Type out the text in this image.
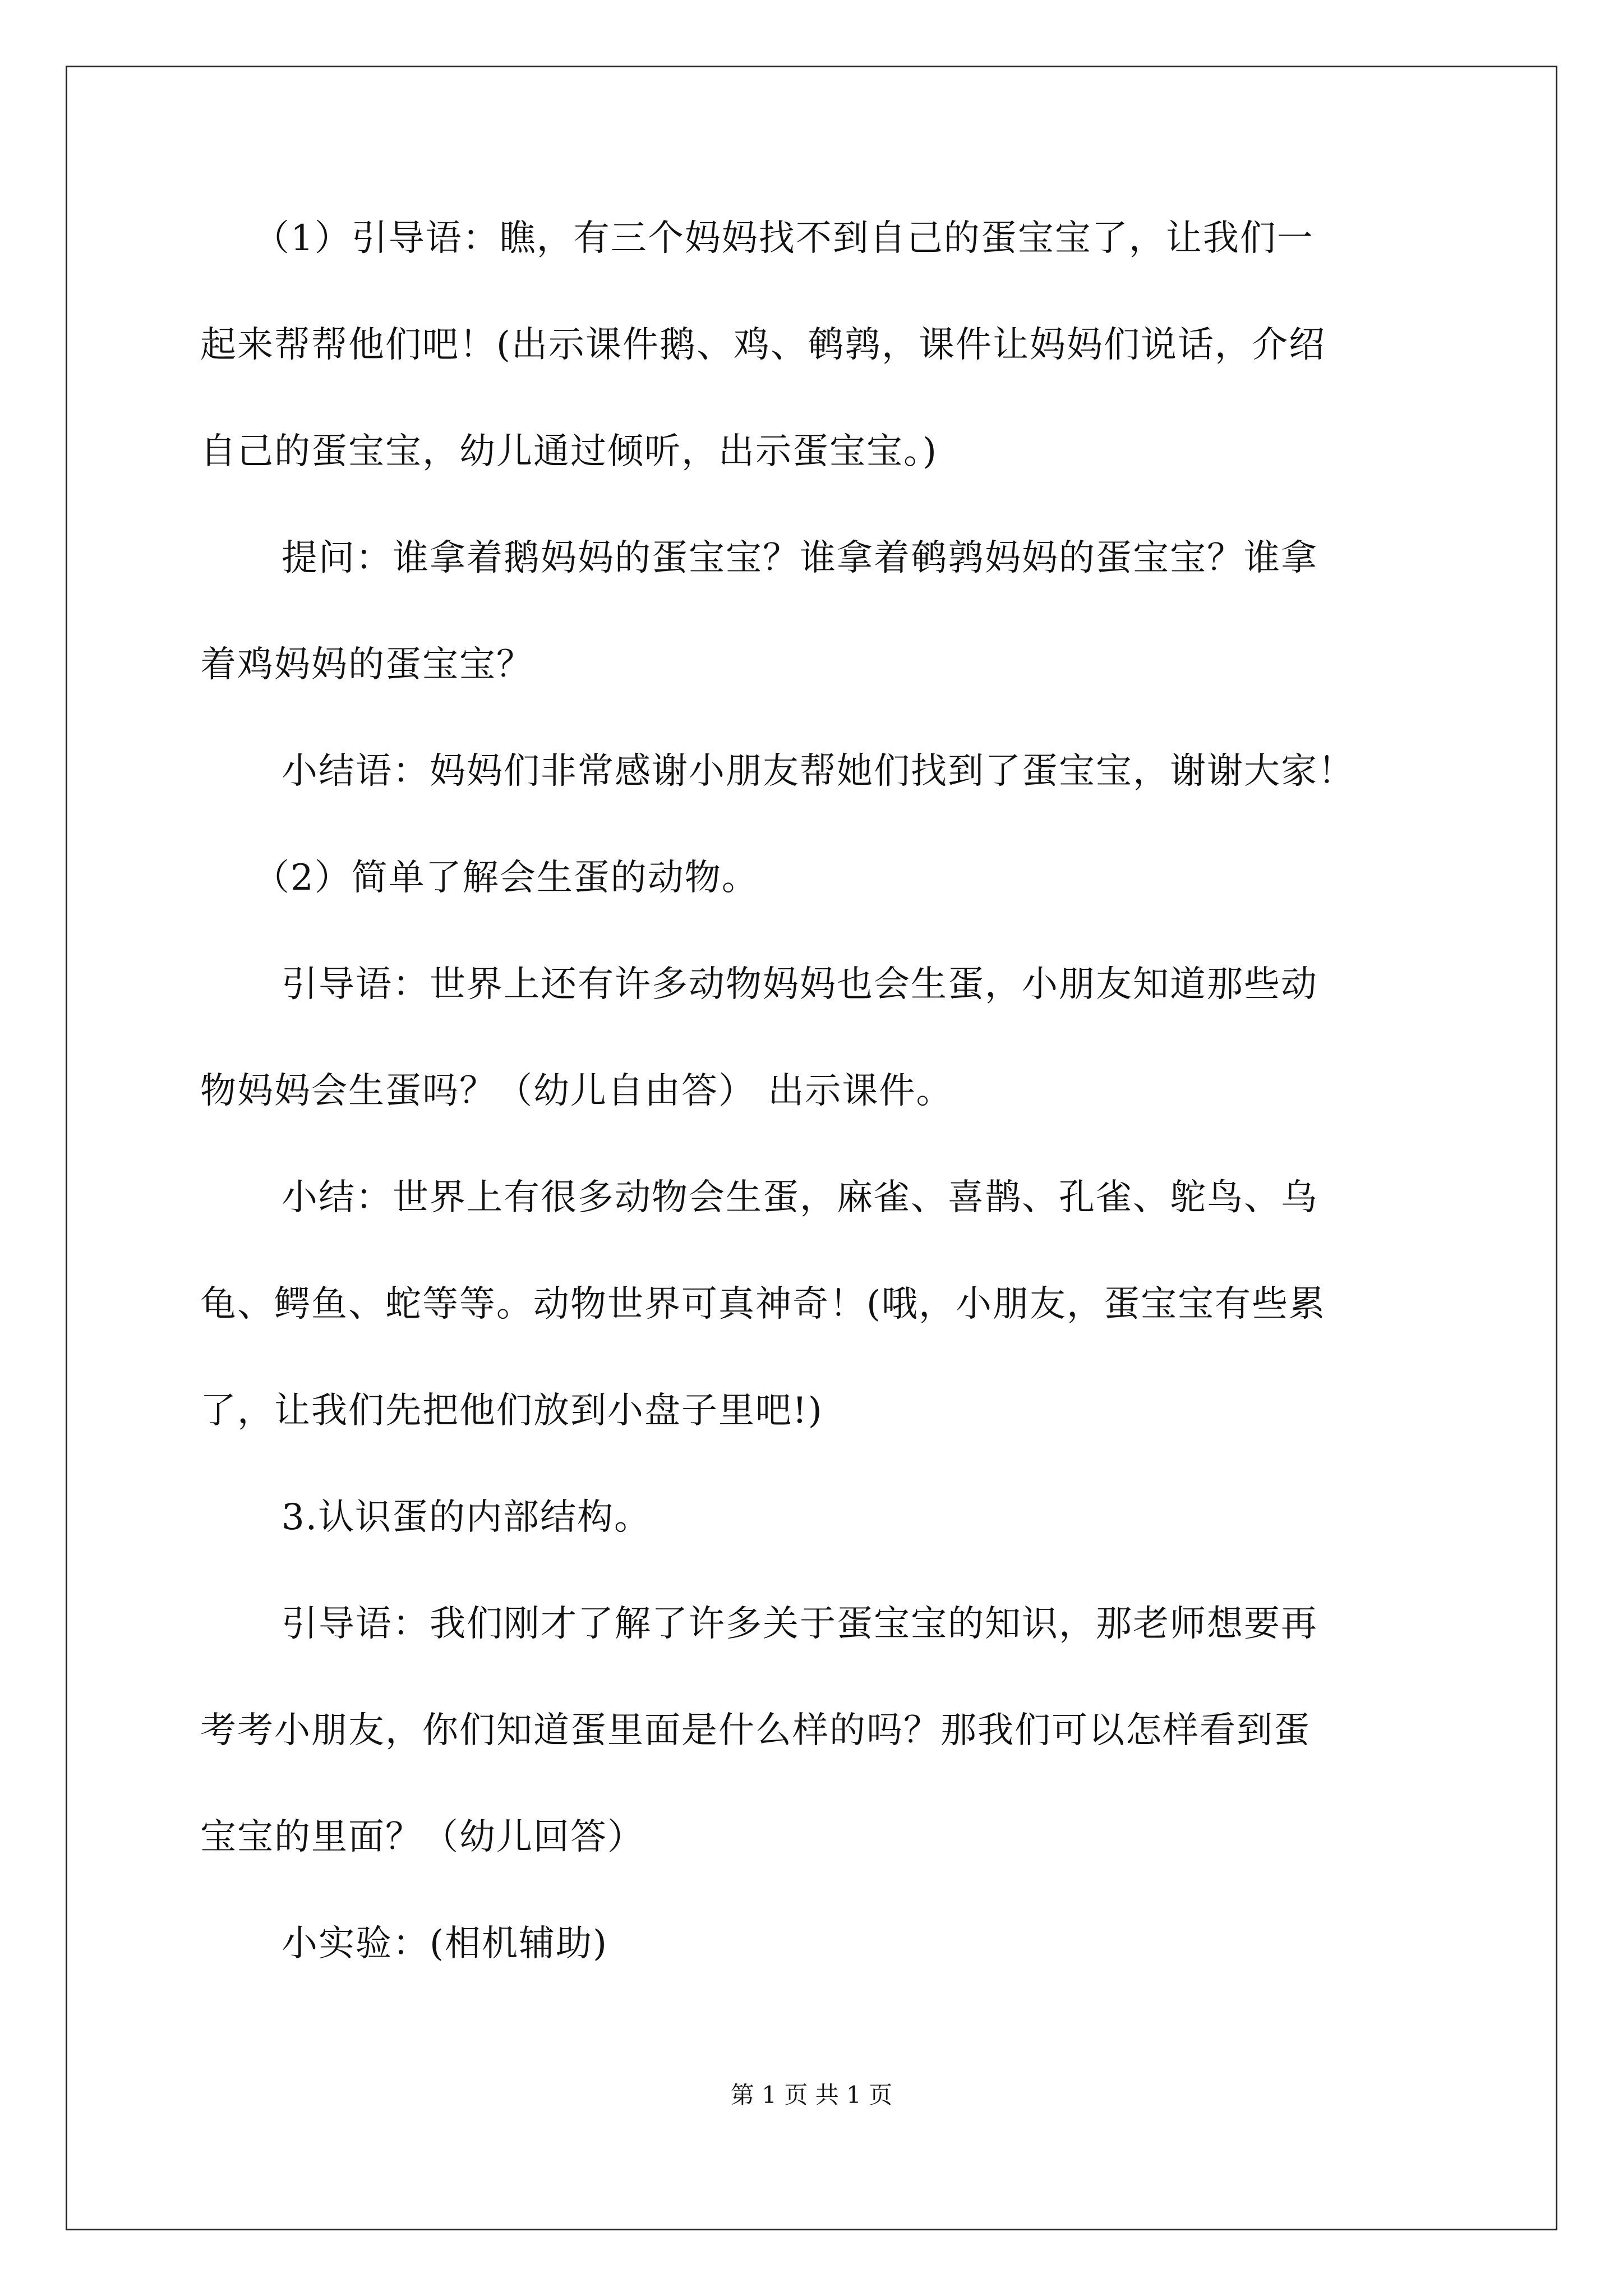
（1）引导语：瞧，有三个妈妈找不到自己的蛋宝宝了，让我们一
起来帮帮他们吧！(出示课件鹅、鸡、鹌鹑，课件让妈妈们说话，介绍
自己的蛋宝宝，幼儿通过倾听，出示蛋宝宝。)
提问：谁拿着鹅妈妈的蛋宝宝？谁拿着鹌鹑妈妈的蛋宝宝？谁拿
着鸡妈妈的蛋宝宝？
小结语：妈妈们非常感谢小朋友帮她们找到了蛋宝宝，谢谢大家！
（2）简单了解会生蛋的动物。
引导语：世界上还有许多动物妈妈也会生蛋，小朋友知道那些动
物妈妈会生蛋吗？（幼儿自由答） 出示课件。
小结：世界上有很多动物会生蛋，麻雀、喜鹊、孔雀、鸵鸟、乌
龟、鳄鱼、蛇等等。动物世界可真神奇！(哦，小朋友，蛋宝宝有些累
了，让我们先把他们放到小盘子里吧!)
3.认识蛋的内部结构。
引导语：我们刚才了解了许多关于蛋宝宝的知识，那老师想要再
考考小朋友，你们知道蛋里面是什么样的吗？那我们可以怎样看到蛋
宝宝的里面？（幼儿回答）
小实验：(相机辅助)
第 1 页 共 1 页
